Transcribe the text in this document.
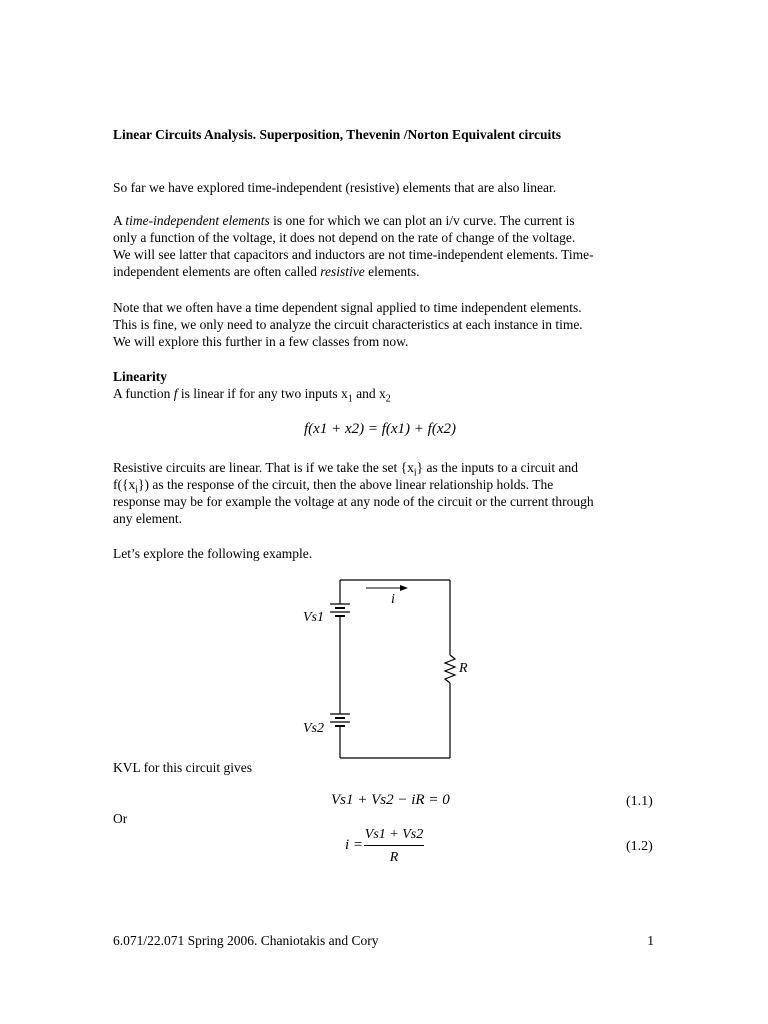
Linear Circuits Analysis. Superposition, Thevenin /Norton Equivalent circuits
So far we have explored time-independent (resistive) elements that are also linear.
A time-independent elements is one for which we can plot an i/v curve. The current is
only a function of the voltage, it does not depend on the rate of change of the voltage.
We will see latter that capacitors and inductors are not time-independent elements. Time-
independent elements are often called resistive elements.
Note that we often have a time dependent signal applied to time independent elements.
This is fine, we only need to analyze the circuit characteristics at each instance in time.
We will explore this further in a few classes from now.
Linearity
A function f is linear if for any two inputs $x_1$ and $x_2$
f(x1 + x2) = f(x1) + f(x2)
Resistive circuits are linear. That is if we take the set $\{x_i\}$ as the inputs to a circuit and
$f(\{x_i\})$ as the response of the circuit, then the above linear relationship holds. The
response may be for example the voltage at any node of the circuit or the current through
any element.
Let’s explore the following example.
i
Vs1
Vs2
R
KVL for this circuit gives
Vs1 + Vs2 − iR = 0	(1.1)
Or
i =
Vs1 + Vs2
R
(1.2)
6.071/22.071 Spring 2006. Chaniotakis and Cory	1
